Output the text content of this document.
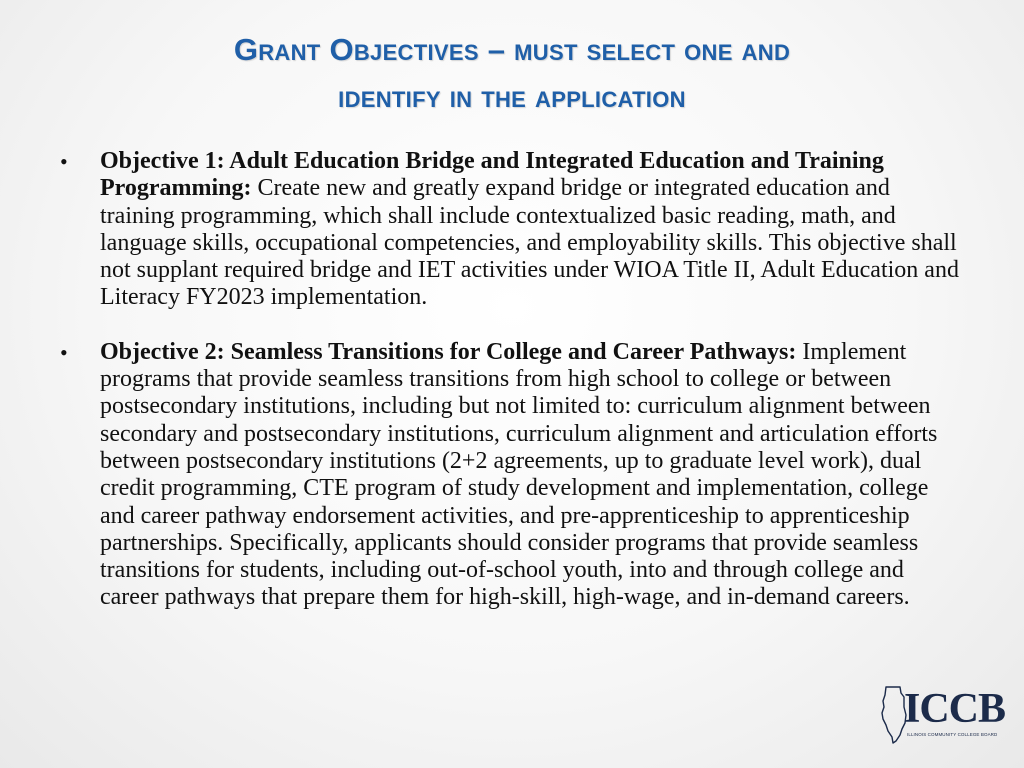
Grant Objectives – must select one and
identify in the application
•	Objective 1: Adult Education Bridge and Integrated Education and Training Programming: Create new and greatly expand bridge or integrated education and training programming, which shall include contextualized basic reading, math, and language skills, occupational competencies, and employability skills. This objective shall not supplant required bridge and IET activities under WIOA Title II, Adult Education and Literacy FY2023 implementation.
•	Objective 2: Seamless Transitions for College and Career Pathways: Implement programs that provide seamless transitions from high school to college or between postsecondary institutions, including but not limited to: curriculum alignment between secondary and postsecondary institutions, curriculum alignment and articulation efforts between postsecondary institutions (2+2 agreements, up to graduate level work), dual credit programming, CTE program of study development and implementation, college and career pathway endorsement activities, and pre-apprenticeship to apprenticeship partnerships. Specifically, applicants should consider programs that provide seamless transitions for students, including out-of-school youth, into and through college and career pathways that prepare them for high-skill, high-wage, and in-demand careers.
ICCB
ILLINOIS COMMUNITY COLLEGE BOARD
